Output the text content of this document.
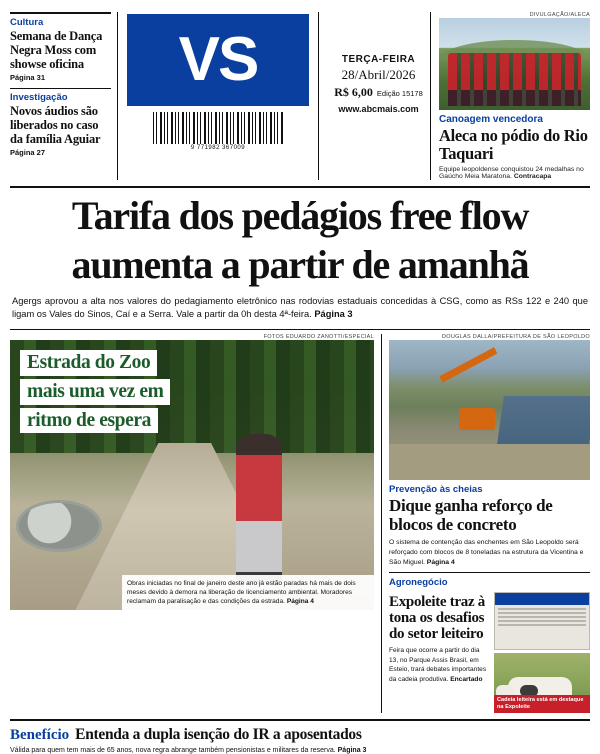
Cultura
Semana de Dança Negra Moss com showse oficina
Página 31
Investigação
Novos áudios são liberados no caso da família Aguiar
Página 27
VS
9 771982 367009
TERÇA-FEIRA
28/Abril/2026
R$ 6,00 Edição 15178
www.abcmais.com
DIVULGAÇÃO/ALECA
Canoagem vencedora
Aleca no pódio do Rio Taquari
Equipe leopoldense conquistou 24 medalhas no Gaúcho Meia Maratona. Contracapa
Tarifa dos pedágios free flow
aumenta a partir de amanhã
Agergs aprovou a alta nos valores do pedagiamento eletrônico nas rodovias estaduais concedidas à CSG, como as RSs 122 e 240 que ligam os Vales do Sinos, Caí e a Serra. Vale a partir da 0h desta 4ª-feira. Página 3
FOTOS EDUARDO ZANOTTI/ESPECIAL
Estrada do Zoo
mais uma vez em
ritmo de espera
Obras iniciadas no final de janeiro deste ano já estão paradas há mais de dois meses devido à demora na liberação de licenciamento ambiental. Moradores reclamam da paralisação e das condições da estrada. Página 4
DOUGLAS DALLA/PREFEITURA DE SÃO LEOPOLDO
Prevenção às cheias
Dique ganha reforço de blocos de concreto
O sistema de contenção das enchentes em São Leopoldo será reforçado com blocos de 8 toneladas na estrutura da Vicentina e São Miguel. Página 4
Agronegócio
Expoleite traz à tona os desafios do setor leiteiro
Feira que ocorre a partir do dia 13, no Parque Assis Brasil, em Esteio, trará debates importantes da cadeia produtiva. Encartado
Cadeia leiteira está em destaque na Expoleite
Benefício Entenda a dupla isenção do IR a aposentados
Válida para quem tem mais de 65 anos, nova regra abrange também pensionistas e militares da reserva. Página 3
